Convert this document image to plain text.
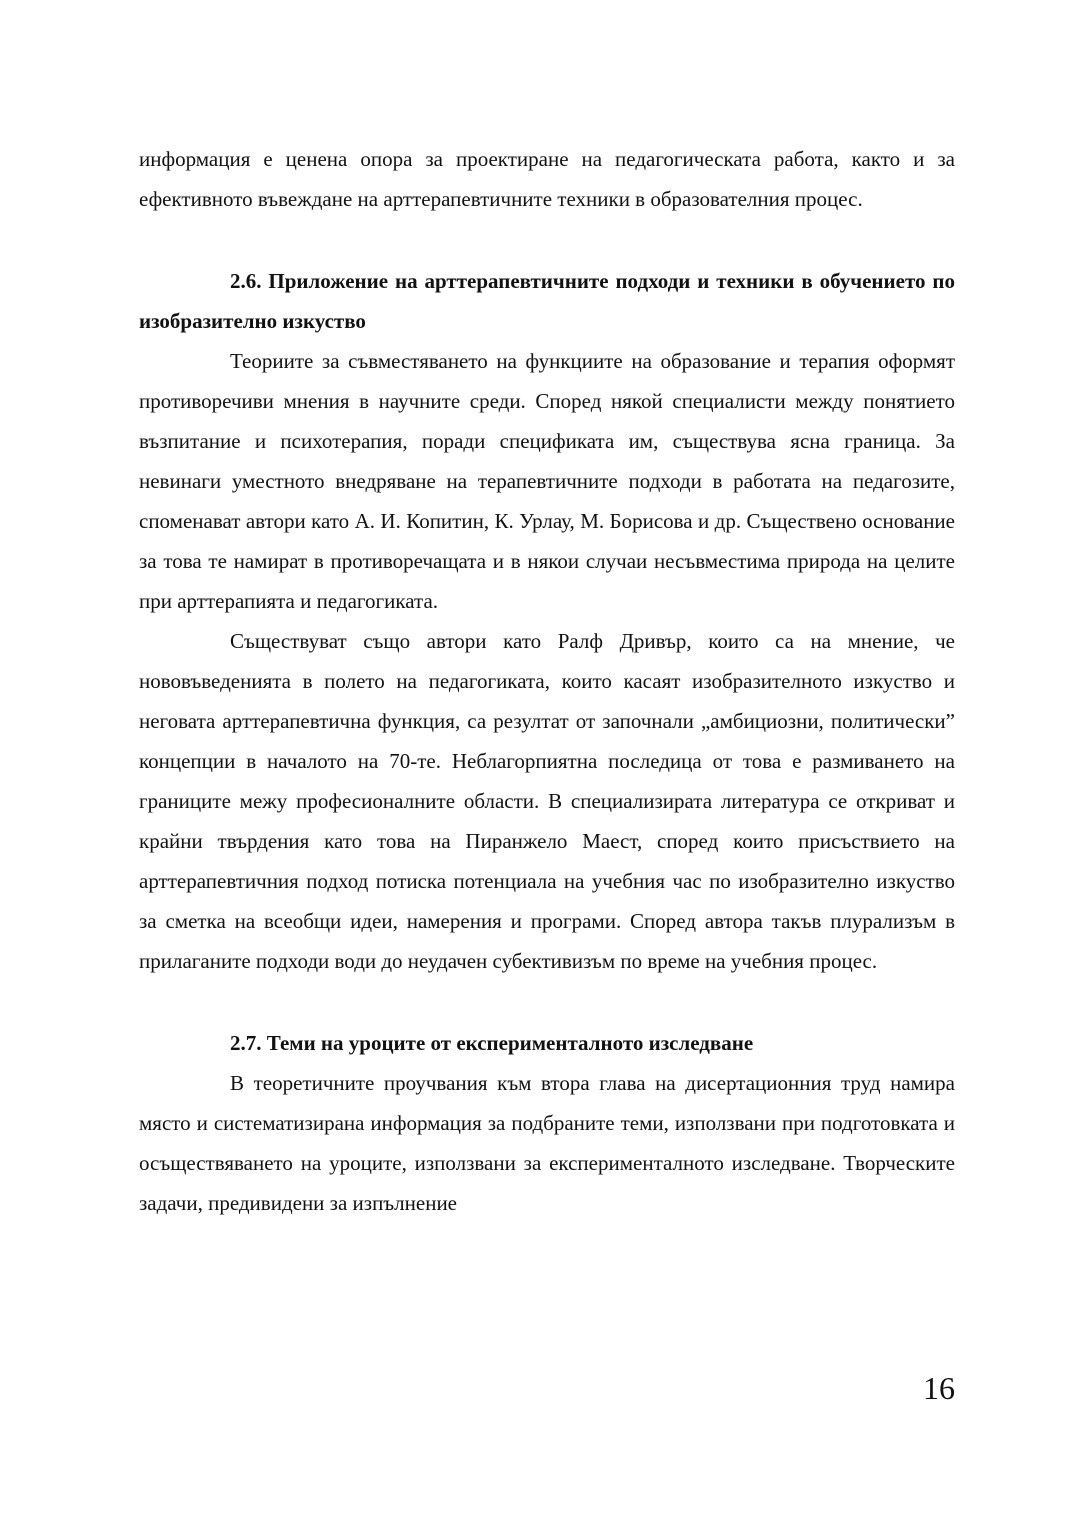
информация е ценена опора за проектиране на педагогическата работа, както и за ефективното въвеждане на арттерапевтичните техники в образователния процес.

2.6. Приложение на арттерапевтичните подходи и техники в обучението по изобразително изкуство

Теориите за съвместяването на функциите на образование и терапия оформят противоречиви мнения в научните среди. Според някой специалисти между понятието възпитание и психотерапия, поради спецификата им, съществува ясна граница. За невинаги уместното внедряване на терапевтичните подходи в работата на педагозите, споменават автори като А. И. Копитин, К. Урлау, М. Борисова и др. Съществено основание за това те намират в противоречащата и в някои случаи несъвместима природа на целите при арттерапията и педагогиката.

Съществуват също автори като Ралф Дривър, които са на мнение, че нововъведенията в полето на педагогиката, които касаят изобразителното изкуство и неговата арттерапевтична функция, са резултат от започнали „амбициозни, политически” концепции в началото на 70-те. Неблагорпиятна последица от това е размиването на границите межу професионалните области. В специализирата литература се откриват и крайни твърдения като това на Пиранжело Маест, според които присъствието на арттерапевтичния подход потиска потенциала на учебния час по изобразително изкуство за сметка на всеобщи идеи, намерения и програми. Според автора такъв плурализъм в прилаганите подходи води до неудачен субективизъм по време на учебния процес.

2.7. Теми на уроците от експерименталното изследване

В теоретичните проучвания към втора глава на дисертационния труд намира място и систематизирана информация за подбраните теми, използвани при подготовката и осъществяването на уроците, използвани за експерименталното изследване. Творческите задачи, предивидени за изпълнение

16
